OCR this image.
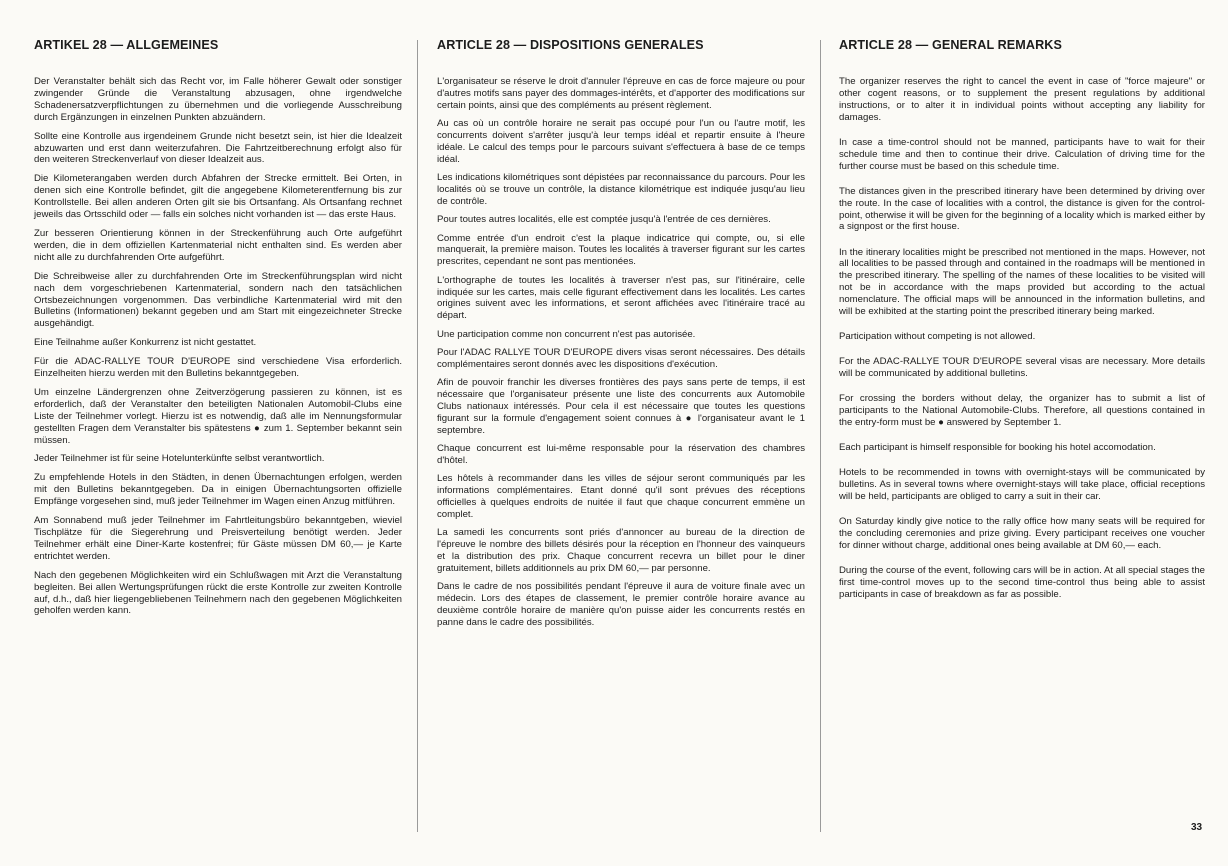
ARTIKEL 28 — ALLGEMEINES

Der Veranstalter behält sich das Recht vor, im Falle höherer Gewalt oder sonstiger zwingender Gründe die Veranstaltung abzusagen, ohne irgendwelche Schadenersatzverpflichtungen zu übernehmen und die vorliegende Ausschreibung durch Ergänzungen in einzelnen Punkten abzuändern.

Sollte eine Kontrolle aus irgendeinem Grunde nicht besetzt sein, ist hier die Idealzeit abzuwarten und erst dann weiterzufahren. Die Fahrtzeitberechnung erfolgt also für den weiteren Streckenverlauf von dieser Idealzeit aus.

Die Kilometerangaben werden durch Abfahren der Strecke ermittelt. Bei Orten, in denen sich eine Kontrolle befindet, gilt die angegebene Kilometerentfernung bis zur Kontrollstelle. Bei allen anderen Orten gilt sie bis Ortsanfang. Als Ortsanfang rechnet jeweils das Ortsschild oder — falls ein solches nicht vorhanden ist — das erste Haus.

Zur besseren Orientierung können in der Streckenführung auch Orte aufgeführt werden, die in dem offiziellen Kartenmaterial nicht enthalten sind. Es werden aber nicht alle zu durchfahrenden Orte aufgeführt.

Die Schreibweise aller zu durchfahrenden Orte im Streckenführungsplan wird nicht nach dem vorgeschriebenen Kartenmaterial, sondern nach den tatsächlichen Ortsbezeichnungen vorgenommen. Das verbindliche Kartenmaterial wird mit den Bulletins (Informationen) bekannt gegeben und am Start mit eingezeichneter Strecke ausgehändigt.

Eine Teilnahme außer Konkurrenz ist nicht gestattet.

Für die ADAC-RALLYE TOUR D'EUROPE sind verschiedene Visa erforderlich. Einzelheiten hierzu werden mit den Bulletins bekanntgegeben.

Um einzelne Ländergrenzen ohne Zeitverzögerung passieren zu können, ist es erforderlich, daß der Veranstalter den beteiligten Nationalen Automobil-Clubs eine Liste der Teilnehmer vorlegt. Hierzu ist es notwendig, daß alle im Nennungsformular gestellten Fragen dem Veranstalter bis spätestens ● zum 1. September bekannt sein müssen.

Jeder Teilnehmer ist für seine Hotelunterkünfte selbst verantwortlich.

Zu empfehlende Hotels in den Städten, in denen Übernachtungen erfolgen, werden mit den Bulletins bekanntgegeben. Da in einigen Übernachtungsorten offizielle Empfänge vorgesehen sind, muß jeder Teilnehmer im Wagen einen Anzug mitführen.

Am Sonnabend muß jeder Teilnehmer im Fahrtleitungsbüro bekanntgeben, wieviel Tischplätze für die Siegerehrung und Preisverteilung benötigt werden. Jeder Teilnehmer erhält eine Diner-Karte kostenfrei; für Gäste müssen DM 60,— je Karte entrichtet werden.

Nach den gegebenen Möglichkeiten wird ein Schlußwagen mit Arzt die Veranstaltung begleiten. Bei allen Wertungsprüfungen rückt die erste Kontrolle zur zweiten Kontrolle auf, d.h., daß hier liegengebliebenen Teilnehmern nach den gegebenen Möglichkeiten geholfen werden kann.

ARTICLE 28 — DISPOSITIONS GENERALES

L'organisateur se réserve le droit d'annuler l'épreuve en cas de force majeure ou pour d'autres motifs sans payer des dommages-intérêts, et d'apporter des modifications sur certain points, ainsi que des compléments au présent règlement.

Au cas où un contrôle horaire ne serait pas occupé pour l'un ou l'autre motif, les concurrents doivent s'arrêter jusqu'à leur temps idéal et repartir ensuite à l'heure idéale. Le calcul des temps pour le parcours suivant s'effectuera à base de ce temps idéal.

Les indications kilométriques sont dépistées par reconnaissance du parcours. Pour les localités où se trouve un contrôle, la distance kilométrique est indiquée jusqu'au lieu de contrôle.

Pour toutes autres localités, elle est comptée jusqu'à l'entrée de ces dernières.

Comme entrée d'un endroit c'est la plaque indicatrice qui compte, ou, si elle manquerait, la première maison. Toutes les localités à traverser figurant sur les cartes prescrites, cependant ne sont pas mentionées.

L'orthographe de toutes les localités à traverser n'est pas, sur l'itinéraire, celle indiquée sur les cartes, mais celle figurant effectivement dans les localités. Les cartes origines suivent avec les informations, et seront affichées avec l'itinéraire tracé au départ.

Une participation comme non concurrent n'est pas autorisée.

Pour l'ADAC RALLYE TOUR D'EUROPE divers visas seront nécessaires. Des détails complémentaires seront donnés avec les dispositions d'exécution.

Afin de pouvoir franchir les diverses frontières des pays sans perte de temps, il est nécessaire que l'organisateur présente une liste des concurrents aux Automobile Clubs nationaux intéressés. Pour cela il est nécessaire que toutes les questions figurant sur la formule d'engagement soient connues à ● l'organisateur avant le 1 septembre.

Chaque concurrent est lui-même responsable pour la réservation des chambres d'hôtel.

Les hôtels à recommander dans les villes de séjour seront communiqués par les informations complémentaires. Etant donné qu'il sont prévues des réceptions officielles à quelques endroits de nuitée il faut que chaque concurrent emmène un complet.

La samedi les concurrents sont priés d'annoncer au bureau de la direction de l'épreuve le nombre des billets désirés pour la réception en l'honneur des vainqueurs et la distribution des prix. Chaque concurrent recevra un billet pour le diner gratuitement, billets additionnels au prix DM 60,— par personne.

Dans le cadre de nos possibilités pendant l'épreuve il aura de voiture finale avec un médecin. Lors des étapes de classement, le premier contrôle horaire avance au deuxième contrôle horaire de manière qu'on puisse aider les concurrents restés en panne dans le cadre des possibilités.

ARTICLE 28 — GENERAL REMARKS

The organizer reserves the right to cancel the event in case of "force majeure" or other cogent reasons, or to supplement the present regulations by additional instructions, or to alter it in individual points without accepting any liability for damages.

In case a time-control should not be manned, participants have to wait for their schedule time and then to continue their drive. Calculation of driving time for the further course must be based on this schedule time.

The distances given in the prescribed itinerary have been determined by driving over the route. In the case of localities with a control, the distance is given for the control-point, otherwise it will be given for the beginning of a locality which is marked either by a signpost or the first house.

In the itinerary localities might be prescribed not mentioned in the maps. However, not all localities to be passed through and contained in the roadmaps will be mentioned in the prescribed itinerary. The spelling of the names of these localities to be visited will not be in accordance with the maps provided but according to the actual nomenclature. The official maps will be announced in the information bulletins, and will be exhibited at the starting point the prescribed itinerary being marked.

Participation without competing is not allowed.

For the ADAC-RALLYE TOUR D'EUROPE several visas are necessary. More details will be communicated by additional bulletins.

For crossing the borders without delay, the organizer has to submit a list of participants to the National Automobile-Clubs. Therefore, all questions contained in the entry-form must be ● answered by September 1.

Each participant is himself responsible for booking his hotel accomodation.

Hotels to be recommended in towns with overnight-stays will be communicated by bulletins. As in several towns where overnight-stays will take place, official receptions will be held, participants are obliged to carry a suit in their car.

On Saturday kindly give notice to the rally office how many seats will be required for the concluding ceremonies and prize giving. Every participant receives one voucher for dinner without charge, additional ones being available at DM 60,— each.

During the course of the event, following cars will be in action. At all special stages the first time-control moves up to the second time-control thus being able to assist participants in case of breakdown as far as possible.

33
